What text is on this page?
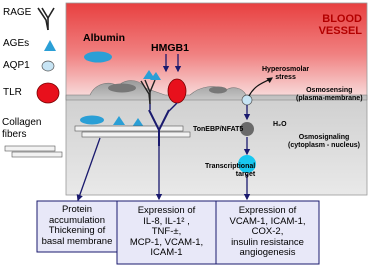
RAGE
AGEs
AQP1
TLR
Collagen
fibers
BLOOD
VESSEL
Albumin
HMGB1
Hyperosmolar
stress
Osmosensing
(plasma-membrane)
H₂O
TonEBP/NFAT5
Osmosignaling
(cytoplasm - nucleus)
Transcriptional
target
Protein
accumulation
Thickening of
basal membrane
Expression of
IL-8, IL-1² ,
TNF-±,
MCP-1, VCAM-1,
ICAM-1
Expression of
VCAM-1, ICAM-1,
COX-2,
insulin resistance
angiogenesis
